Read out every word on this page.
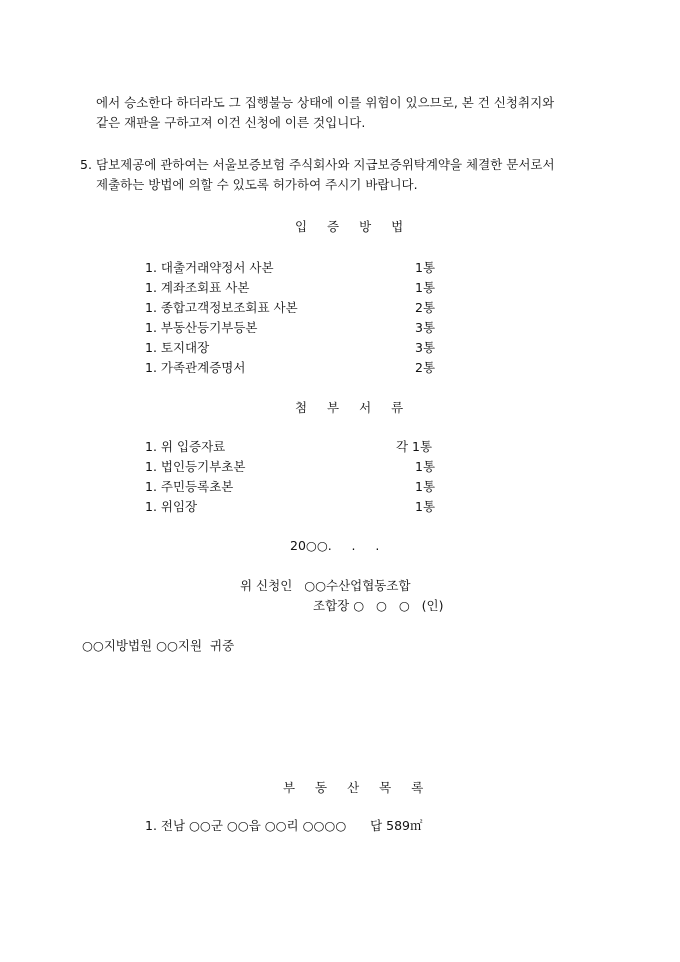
에서 승소한다 하더라도 그 집행불능 상태에 이를 위험이 있으므로, 본 건 신청취지와
같은 재판을 구하고져 이건 신청에 이른 것입니다.
5. 담보제공에 관하여는 서울보증보험 주식회사와 지급보증위탁계약을 체결한 문서로서
제출하는 방법에 의할 수 있도록 허가하여 주시기 바랍니다.
입 증 방 법
1. 대출거래약정서 사본	1통
1. 계좌조회표 사본	1통
1. 종합고객정보조회표 사본	2통
1. 부동산등기부등본	3통
1. 토지대장	3통
1. 가족관계증명서	2통
첨 부 서 류
1. 위 입증자료	각 1통
1. 법인등기부초본	1통
1. 주민등록초본	1통
1. 위임장	1통
20○○.     .     .
위 신청인   ○○수산업협동조합
조합장 ○   ○   ○   (인)
○○지방법원 ○○지원  귀중
부 동 산 목 록
1. 전남 ○○군 ○○읍 ○○리 ○○○○      답 589㎡
